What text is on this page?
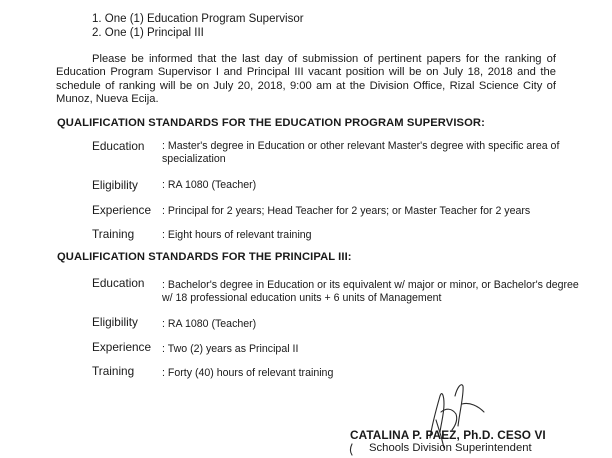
1. One (1) Education Program Supervisor
2. One (1) Principal III
Please be informed that the last day of submission of pertinent papers for the ranking of Education Program Supervisor I and Principal III vacant position will be on July 18, 2018 and the schedule of ranking will be on July 20, 2018, 9:00 am at the Division Office, Rizal Science City of Munoz, Nueva Ecija.
QUALIFICATION STANDARDS FOR THE EDUCATION PROGRAM SUPERVISOR:
Education : Master's degree in Education or other relevant Master's degree with specific area of specialization
Eligibility : RA 1080 (Teacher)
Experience : Principal for 2 years; Head Teacher for 2 years; or Master Teacher for 2 years
Training	: Eight hours of relevant training
QUALIFICATION STANDARDS FOR THE PRINCIPAL III:
Education : Bachelor's degree in Education or its equivalent w/ major or minor, or Bachelor's degree w/ 18 professional education units + 6 units of Management
Eligibility : RA 1080 (Teacher)
Experience : Two (2) years as Principal II
Training	: Forty (40) hours of relevant training
CATALINA P. PAEZ, Ph.D. CESO VI
Schools Division Superintendent
